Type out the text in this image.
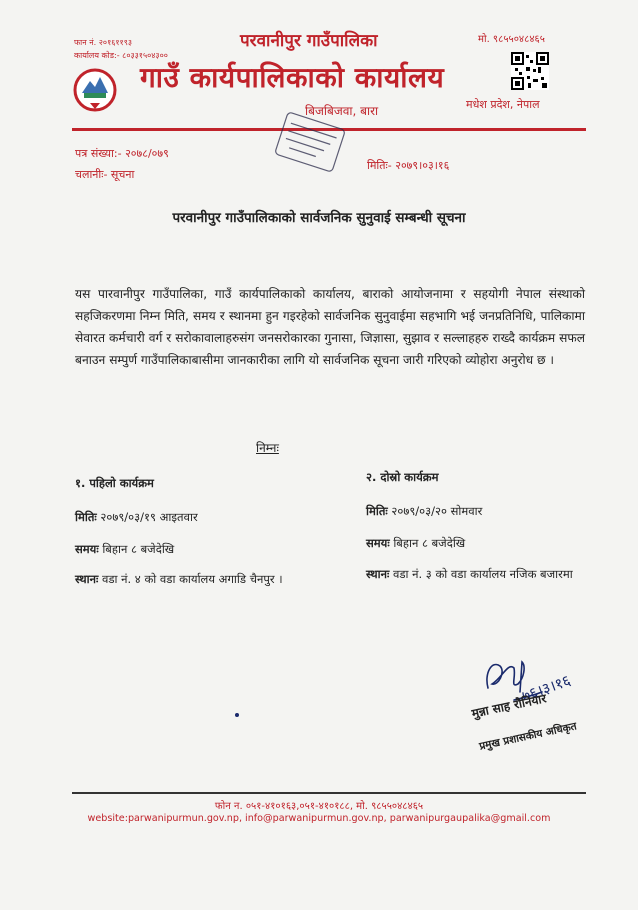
फान नं. २०१६११९३
कार्यालय कोड:- ८०३३१५०४३००
परवानीपुर गाउँपालिका
गाउँ कार्यपालिकाको कार्यालय
बिजबिजवा, बारा
मो. ९८५५०४८४६५
मधेश प्रदेश, नेपाल
पत्र संख्या:- २०७८/०७९
चलानीः- सूचना
मितिः- २०७९।०३।१६
परवानीपुर गाउँपालिकाको सार्वजनिक सुनुवाई सम्बन्धी सूचना
यस पारवानीपुर गाउँपालिका, गाउँ कार्यपालिकाको कार्यालय, बाराको आयोजनामा र सहयोगी नेपाल संस्थाको सहजिकरणमा निम्न मिति, समय र स्थानमा हुन गइरहेको सार्वजनिक सुनुवाईमा सहभागि भई जनप्रतिनिधि, पालिकामा सेवारत कर्मचारी वर्ग र सरोकावालाहरुसंग जनसरोकारका गुनासा, जिज्ञासा, सुझाव र सल्लाहहरु राख्दै कार्यक्रम सफल बनाउन सम्पुर्ण गाउँपालिकाबासीमा जानकारीका लागि यो सार्वजनिक सूचना जारी गरिएको व्योहोरा अनुरोध छ ।
निम्नः
१. पहिलो कार्यक्रम
मितिः २०७९/०३/१९ आइतवार
समयः बिहान ८ बजेदेखि
स्थानः वडा नं. ४ को वडा कार्यालय अगाडि चैनपुर ।
२. दोस्रो कार्यक्रम
मितिः २०७९/०३/२० सोमवार
समयः बिहान ८ बजेदेखि
स्थानः वडा नं. ३ को वडा कार्यालय नजिक बजारमा
७६।३।१६
मुन्ना साह रौनियार
प्रमुख प्रशासकीय अधिकृत
फोन न. ०५१-४१०१६३,०५१-४१०१८८, मो. ९८५५०४८४६५
website:parwanipurmun.gov.np, info@parwanipurmun.gov.np, parwanipurgaupalika@gmail.com
